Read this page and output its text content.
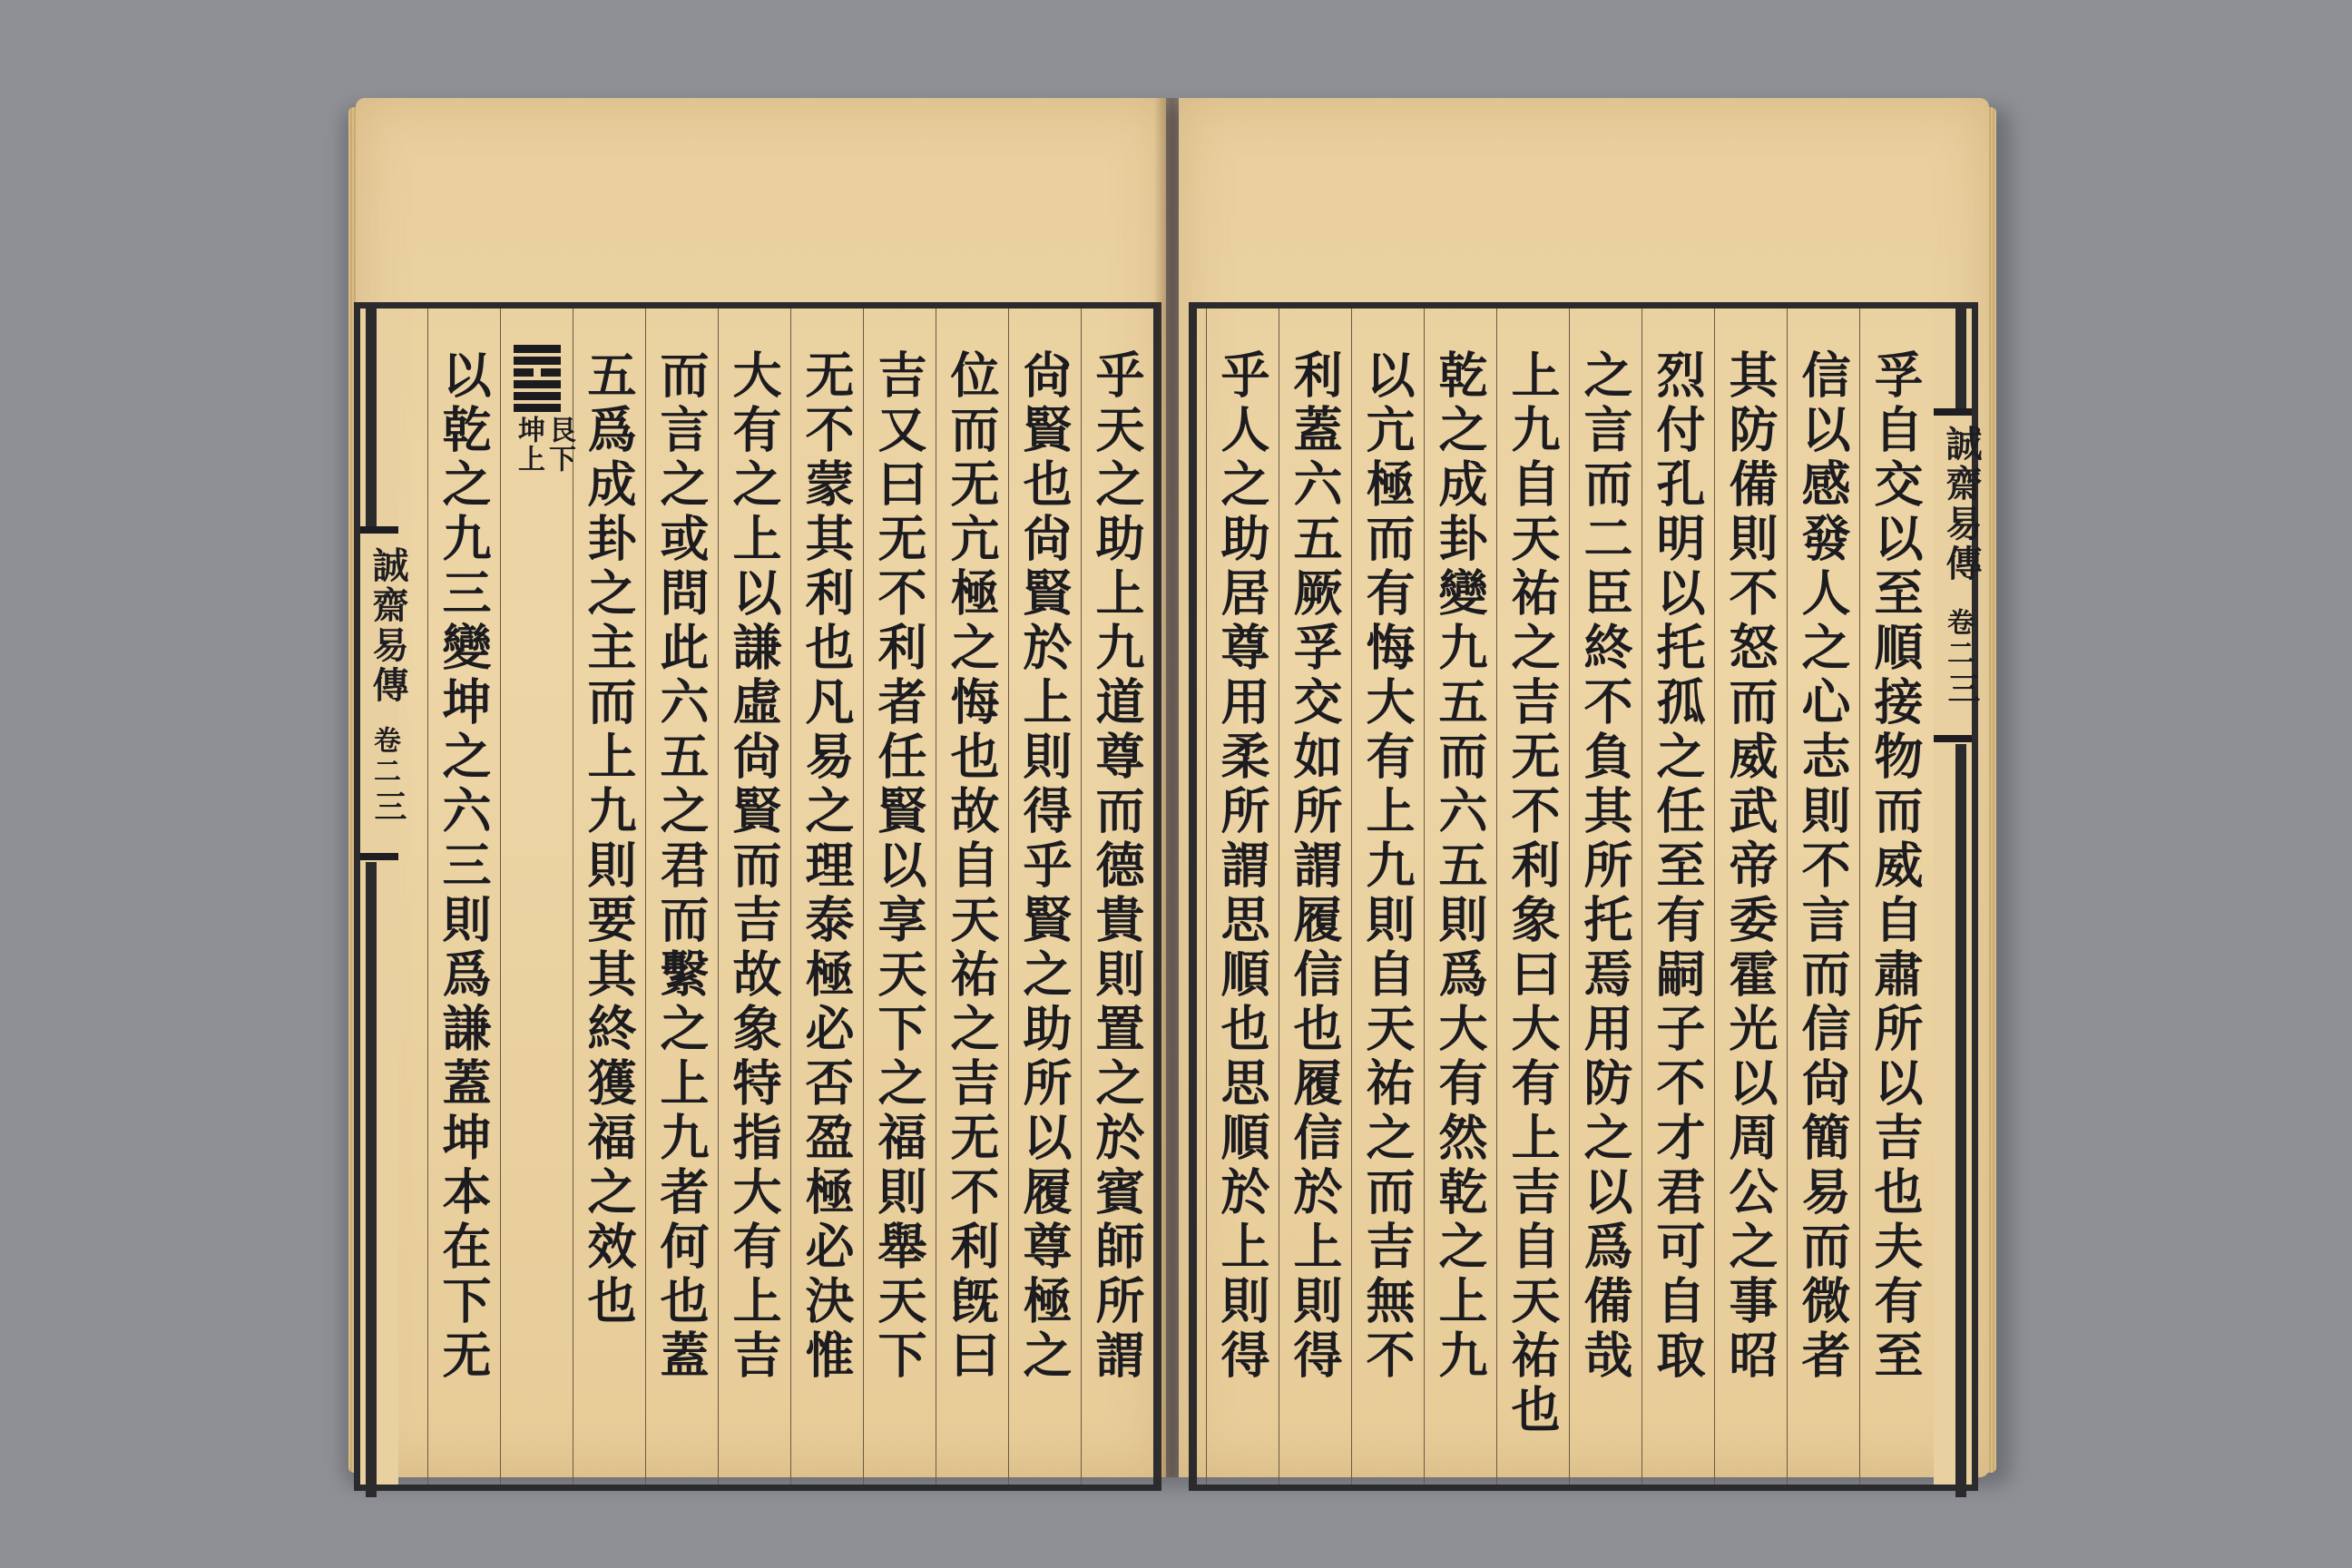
誠齋易傳
卷二
三	乎天之助上九道尊而德貴則置之於賓師所謂
尙賢也尙賢於上則得乎賢之助所以履尊極之
位而无亢極之悔也故自天祐之吉无不利旣曰
吉又曰无不利者任賢以享天下之福則舉天下
无不蒙其利也凡易之理泰極必否盈極必決惟
大有之上以謙虛尙賢而吉故象特指大有上吉
而言之或問此六五之君而繫之上九者何也蓋
五爲成卦之主而上九則要其終獲福之效也
艮下
坤上
以乾之九三變坤之六三則爲謙蓋坤本在下无	誠齋易傳
卷二
三
孚自交以至順接物而威自肅所以吉也夫有至
信以感發人之心志則不言而信尙簡易而微者
其防備則不怒而威武帝委霍光以周公之事昭
烈付孔明以托孤之任至有嗣子不才君可自取
之言而二臣終不負其所托焉用防之以爲備哉
上九自天祐之吉无不利象曰大有上吉自天祐也
乾之成卦變九五而六五則爲大有然乾之上九
以亢極而有悔大有上九則自天祐之而吉無不
利蓋六五厥孚交如所謂履信也履信於上則得
乎人之助居尊用柔所謂思順也思順於上則得
